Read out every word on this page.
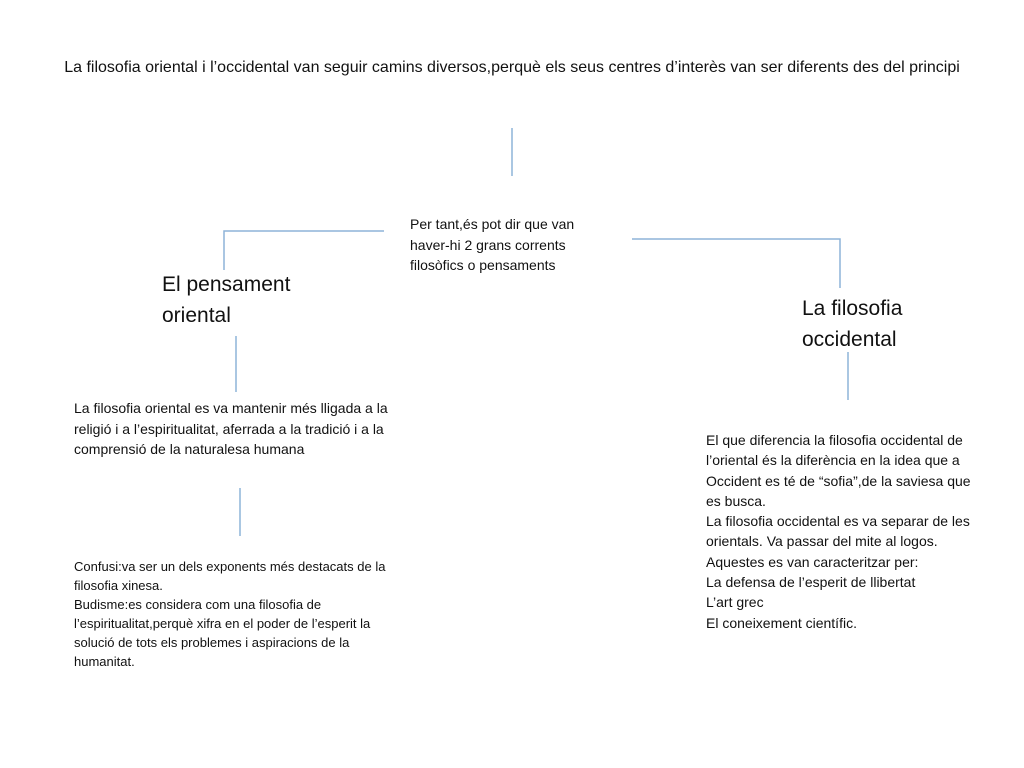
La filosofia oriental i l’occidental van seguir camins diversos,perquè els seus centres d’interès van ser diferents des del principi
Per tant,és pot dir que van haver-hi 2 grans corrents filosòfics o pensaments
El pensament oriental	La filosofia occidental
La filosofia oriental es va mantenir més lligada a la religió i a l’espiritualitat, aferrada a la tradició i a la comprensió de la naturalesa humana
Confusi:va ser un dels exponents més destacats de la filosofia xinesa.
Budisme:es considera com una filosofia de l’espiritualitat,perquè xifra en el poder de l’esperit la solució de tots els problemes i aspiracions de la humanitat.
El que diferencia la filosofia occidental de l’oriental és la diferència en la idea que a Occident es té de “sofia”,de la saviesa que es busca.
La filosofia occidental es va separar de les orientals. Va passar del mite al logos.
Aquestes es van caracteritzar per:
La defensa de l’esperit de llibertat
L’art grec
El coneixement científic.
